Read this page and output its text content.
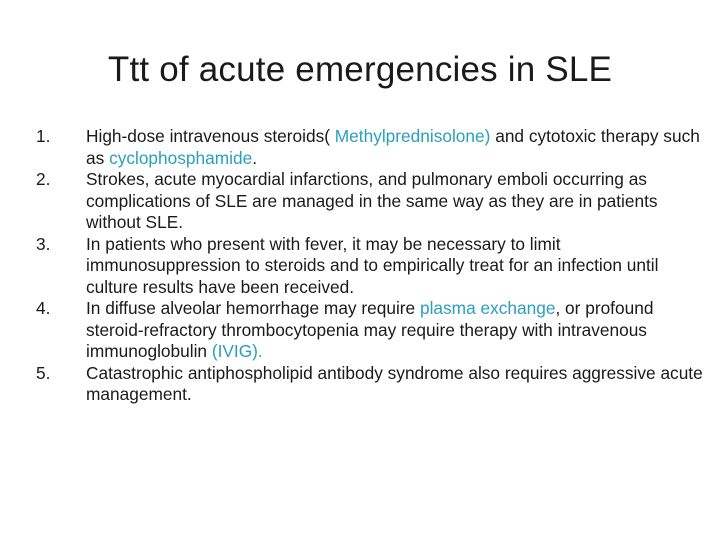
Ttt of acute emergencies in SLE
1.	High-dose intravenous steroids( Methylprednisolone) and cytotoxic therapy such as cyclophosphamide.
2.	Strokes, acute myocardial infarctions, and pulmonary emboli occurring as complications of SLE are managed in the same way as they are in patients without SLE.
3.	In patients who present with fever, it may be necessary to limit immunosuppression to steroids and to empirically treat for an infection until culture results have been received.
4.	In diffuse alveolar hemorrhage may require plasma exchange, or profound steroid-refractory thrombocytopenia may require therapy with intravenous immunoglobulin (IVIG).
5.	Catastrophic antiphospholipid antibody syndrome also requires aggressive acute management.
